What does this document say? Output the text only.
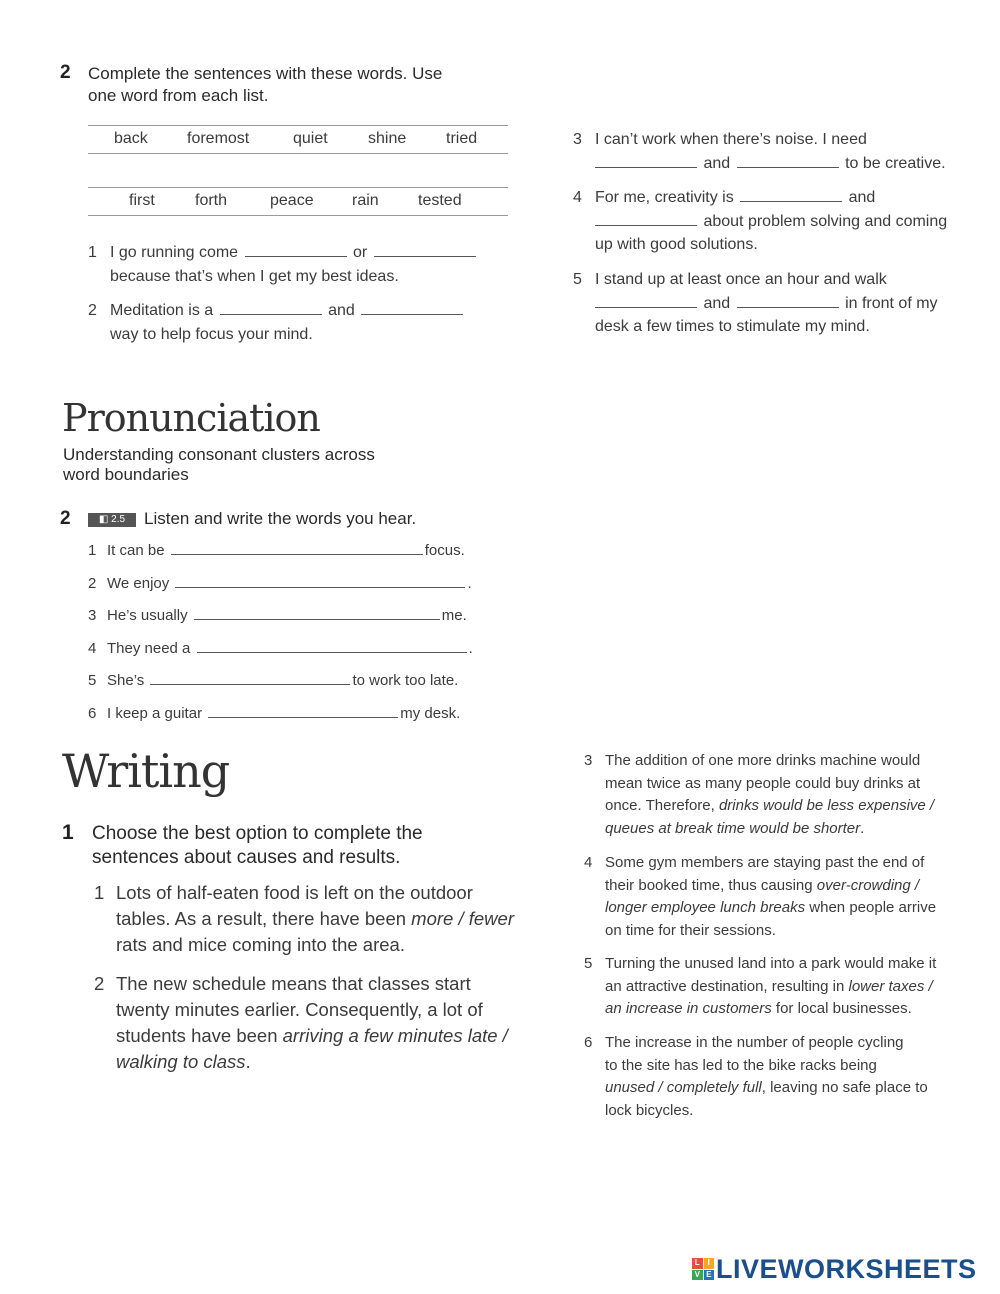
2 Complete the sentences with these words. Use
one word from each list.
back foremost	quiet	shine tried
first	forth	peace rain tested
1 I go running come	or
because that’s when I get my best ideas.
2 Meditation is a	and
way to help focus your mind.
3 I can’t work when there’s noise. I need
and	to be creative.
4 For me, creativity is	and
about problem solving and coming
up with good solutions.
5 I stand up at least once an hour and walk
and	in front of my
desk a few times to stimulate my mind.
Pronunciation
Understanding consonant clusters across
word boundaries
2	◧ 2.5 Listen and write the words you hear.
1 It can be	focus.
2 We enjoy	.
3 He’s usually	me.
4 They need a	.
5 She’s	to work too late.
6 I keep a guitar	my desk.
Writing
1 Choose the best option to complete the
sentences about causes and results.
1 Lots of half-eaten food is left on the outdoor
tables. As a result, there have been more / fewer
rats and mice coming into the area.
2 The new schedule means that classes start
twenty minutes earlier. Consequently, a lot of
students have been arriving a few minutes late /
walking to class.
3 The addition of one more drinks machine would
mean twice as many people could buy drinks at
once. Therefore, drinks would be less expensive /
queues at break time would be shorter.
4 Some gym members are staying past the end of
their booked time, thus causing over-crowding /
longer employee lunch breaks when people arrive
on time for their sessions.
5 Turning the unused land into a park would make it
an attractive destination, resulting in lower taxes /
an increase in customers for local businesses.
6 The increase in the number of people cycling
to the site has led to the bike racks being
unused / completely full, leaving no safe place to
lock bicycles.
L I
V E LIVEWORKSHEETS
